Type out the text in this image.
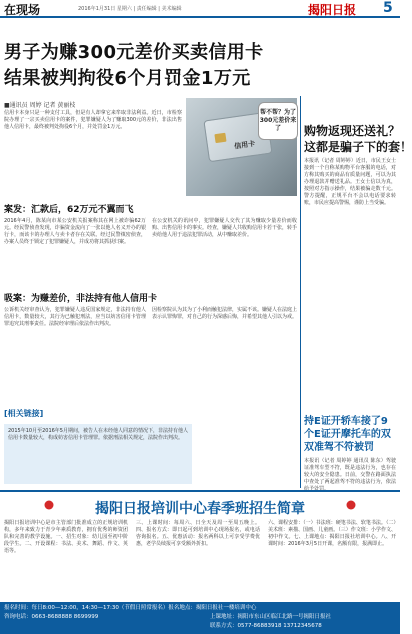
在现场	2016年1月31日 星期六 | 责任编辑 | 美术编辑	揭阳日报 5
男子为赚300元差价买卖信用卡
结果被判拘役6个月罚金1万元
■通讯员 周婷 记者 黄丽枝
信用卡本身只是一种支付工具，但是有人却拿它来牟取非法利益。近日，市检察院办理了一宗买卖信用卡的案件，犯罪嫌疑人为了赚取300元的差价，非法出售他人信用卡，最终被判处拘役6个月，并处罚金1万元。
信用卡
帮不帮？为了300元差价来了
案发：汇款后，62万元不翼而飞
2016年4月，陈某向市某公安机关报案称其在网上被诈骗62万元。经民警侦查发现，诈骗资金流向了一张以他人名义开办的银行卡，而该卡的办理人与卖卡者存在关联。经过民警缜密侦查，办案人员终于锁定了犯罪嫌疑人，并成功将其抓获归案。
在公安机关的讯问中，犯罪嫌疑人交代了其为赚取少量差价而收购、出售信用卡的事实。经查，嫌疑人共收购信用卡若干张，转手卖给他人用于违法犯罪活动，从中赚取差价。
吸案：为赚差价，非法持有他人信用卡
公诉机关经审查认为，犯罪嫌疑人违反国家规定，非法持有他人信用卡，数量较大，其行为已触犯刑法，应当以妨害信用卡管理罪追究其刑事责任。法院经审理后依法作出判决。
因检察院认为其为了小利而触犯法律，实属不该。嫌疑人在法庭上表示认罪悔罪，对自己的行为深感后悔，并希望其他人引以为戒。
[相关链接]
2015年10月至2016年5月期间，被告人在未经他人同意的情况下，非法持有他人信用卡数量较大，构成妨害信用卡管理罪。依据刑法相关规定，法院作出判决。
购物返现还送礼？
这都是骗子下的套！
本报讯（记者 周婷婷）近日，市民王女士接到一个自称某购物平台客服的电话，对方称其购买的商品有质量问题，可以为其办理退款并赠送礼品。王女士信以为真，按照对方指示操作，结果被骗走数千元。警方提醒，正规平台不会以电话要求转账，市民应提高警惕，谨防上当受骗。
持E证开轿车接了9个E证开摩托车的双双准驾不符被罚
本报讯（记者 周婷婷 通讯员 陈东）驾驶证准驾车型不符，既是违法行为，也存在较大的安全隐患。日前，交警在路面执法中查处了两起准驾不符的违法行为，依法给予处罚。
揭阳日报培训中心春季班招生简章
揭阳日报培训中心是市主管部门批准成立的正规培训机构，多年来致力于青少年素质教育，拥有优秀的师资团队和完善的教学设施。一、招生对象：幼儿园至初中阶段学生。二、开设课程：书法、美术、舞蹈、作文、英语等。
三、上课时间：每周六、日全天及周一至周五晚上。四、报名方式：即日起可到培训中心现场报名，或电话咨询报名。五、优惠活动：报名两科以上可享受学费优惠，老学员续报可享受额外折扣。
六、课程安排：（一）书法班：硬笔书法、软笔书法。（二）美术班：素描、国画、儿童画。（三）作文班：小学作文、初中作文。七、上课地点：揭阳日报社培训中心。八、开课时间：2016年3月5日开课，名额有限，报满即止。
报名时间：每日8:00—12:00，14:30—17:30（节假日照常报名）报名地点：揭阳日报社一楼培训中心
咨询电话：0663-8688888 8699999	上课地址：揭阳市东山区临江北路一号揭阳日报社
联系方式：0577-86883918 13712345678
